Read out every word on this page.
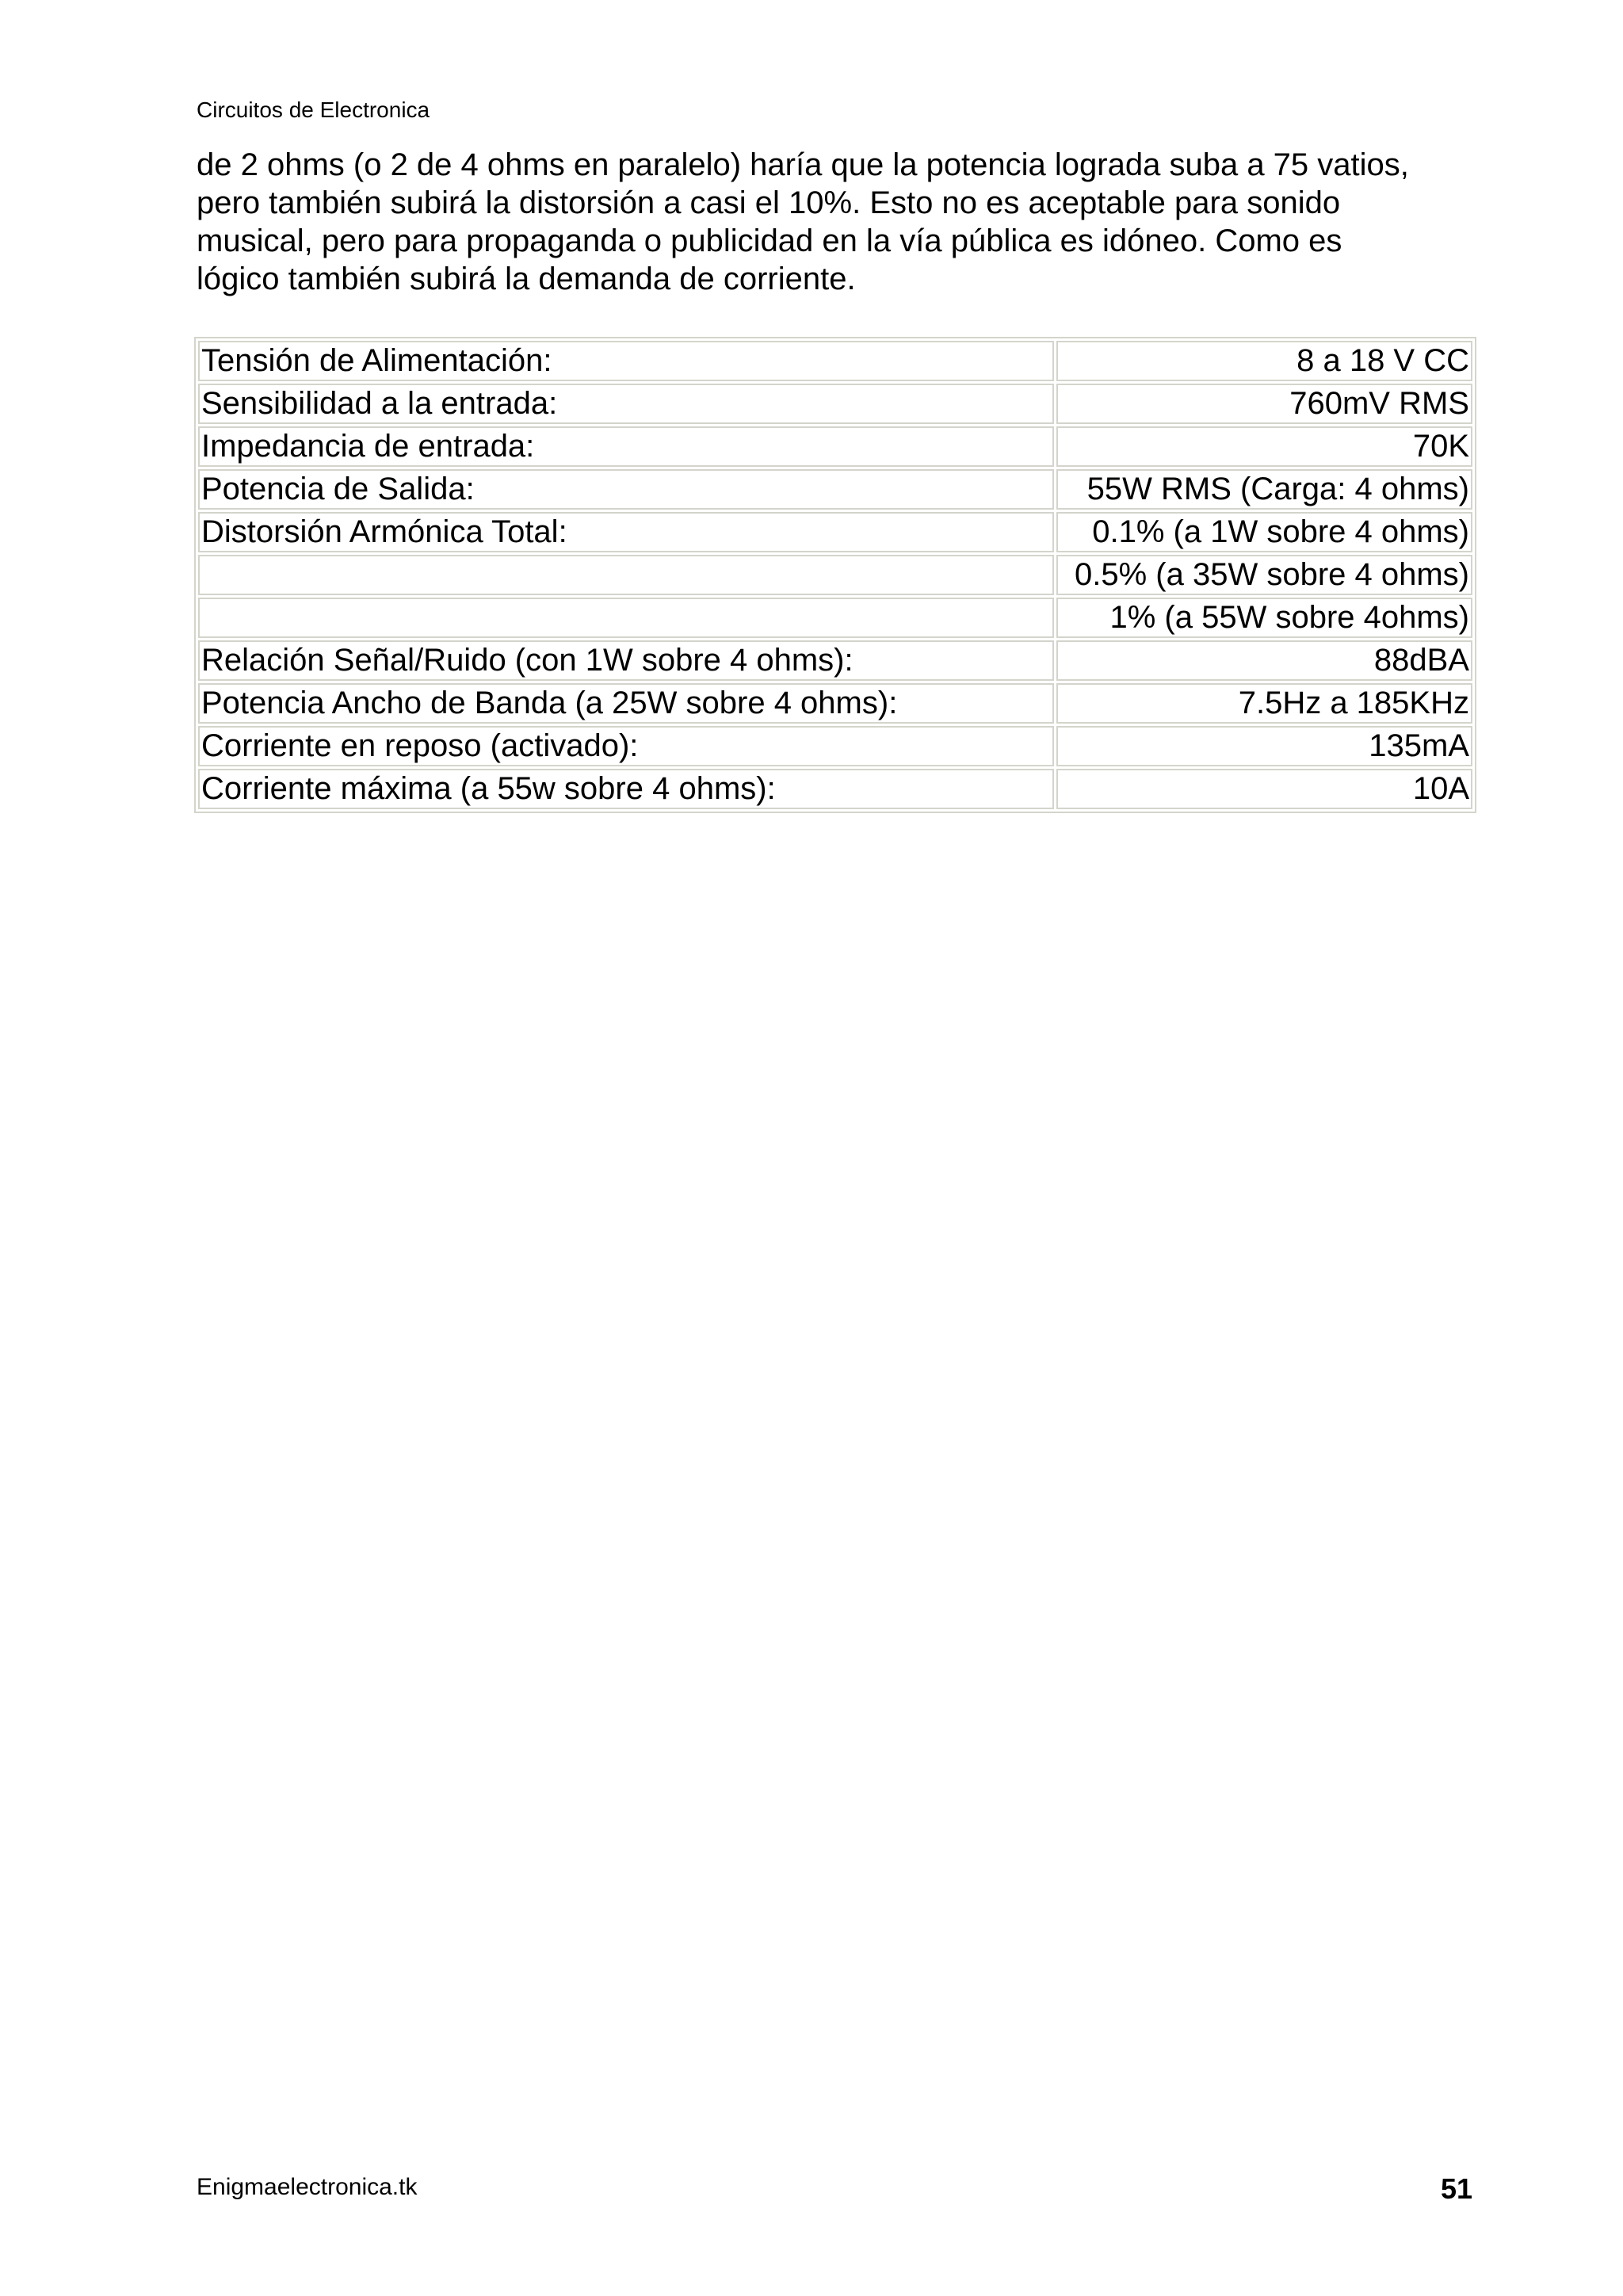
Circuitos de Electronica

de 2 ohms (o 2 de 4 ohms en paralelo) haría que la potencia lograda suba a 75 vatios,
pero también subirá la distorsión a casi el 10%. Esto no es aceptable para sonido
musical, pero para propaganda o publicidad en la vía pública es idóneo. Como es
lógico también subirá la demanda de corriente.

Tensión de Alimentación:	8 a 18 V CC
Sensibilidad a la entrada:	760mV RMS
Impedancia de entrada:	70K
Potencia de Salida:	55W RMS (Carga: 4 ohms)
Distorsión Armónica Total:	0.1% (a 1W sobre 4 ohms)
	0.5% (a 35W sobre 4 ohms)
	1% (a 55W sobre 4ohms)
Relación Señal/Ruido (con 1W sobre 4 ohms):	88dBA
Potencia Ancho de Banda (a 25W sobre 4 ohms):	7.5Hz a 185KHz
Corriente en reposo (activado):	135mA
Corriente máxima (a 55w sobre 4 ohms):	10A
Enigmaelectronica.tk	51
